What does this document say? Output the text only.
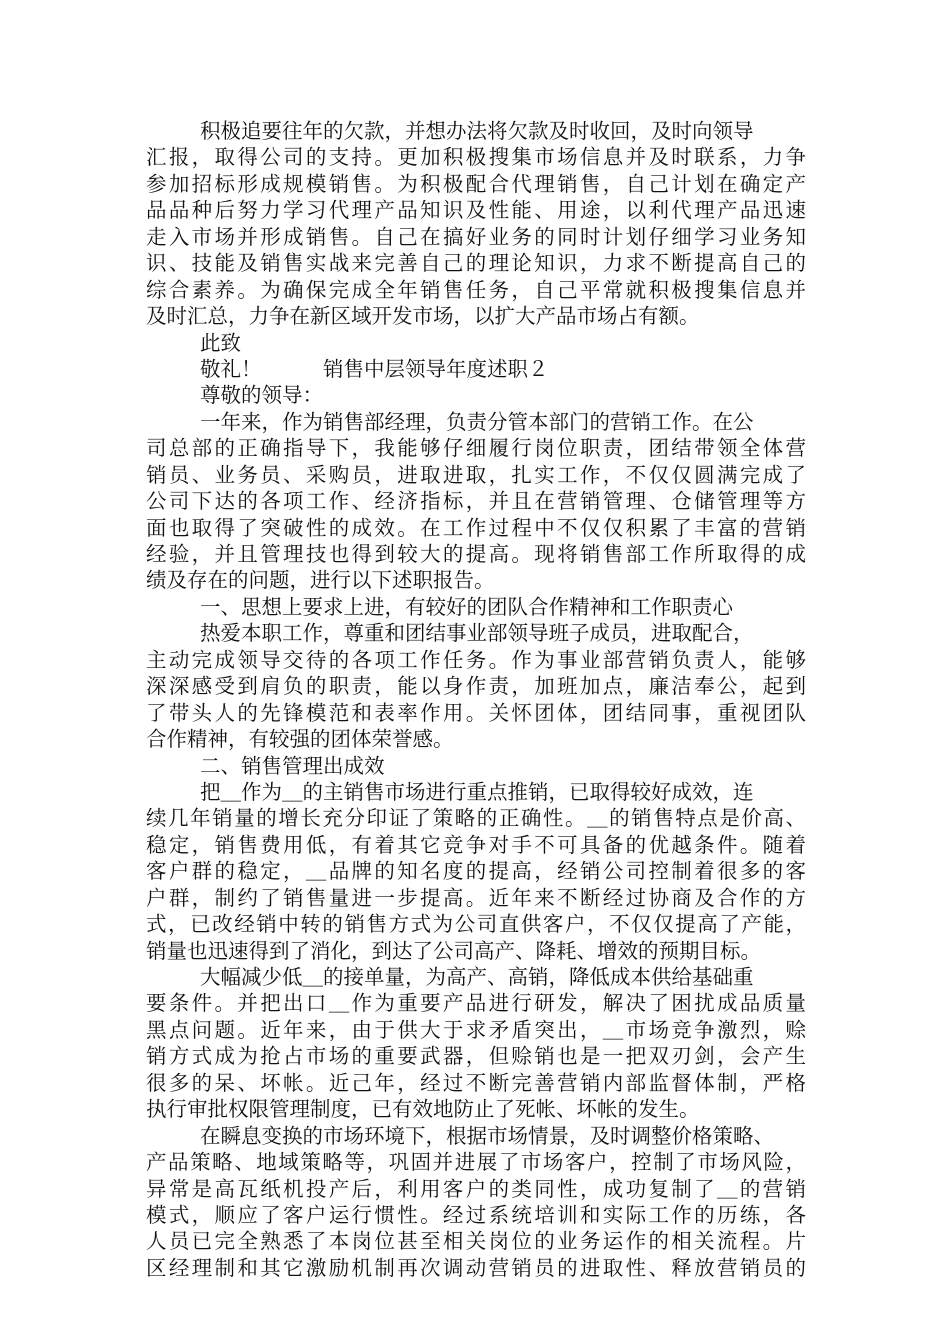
积极追要往年的欠款，并想办法将欠款及时收回，及时向领导
汇报，取得公司的支持。更加积极搜集市场信息并及时联系，力争
参加招标形成规模销售。为积极配合代理销售，自己计划在确定产
品品种后努力学习代理产品知识及性能、用途，以利代理产品迅速
走入市场并形成销售。自己在搞好业务的同时计划仔细学习业务知
识、技能及销售实战来完善自己的理论知识，力求不断提高自己的
综合素养。为确保完成全年销售任务，自己平常就积极搜集信息并
及时汇总，力争在新区域开发市场，以扩大产品市场占有额。
此致
敬礼！　　　销售中层领导年度述职２
尊敬的领导：
一年来，作为销售部经理，负责分管本部门的营销工作。在公
司总部的正确指导下，我能够仔细履行岗位职责，团结带领全体营
销员、业务员、采购员，进取进取，扎实工作，不仅仅圆满完成了
公司下达的各项工作、经济指标，并且在营销管理、仓储管理等方
面也取得了突破性的成效。在工作过程中不仅仅积累了丰富的营销
经验，并且管理技也得到较大的提高。现将销售部工作所取得的成
绩及存在的问题，进行以下述职报告。
一、思想上要求上进，有较好的团队合作精神和工作职责心
热爱本职工作，尊重和团结事业部领导班子成员，进取配合，
主动完成领导交待的各项工作任务。作为事业部营销负责人，能够
深深感受到肩负的职责，能以身作责，加班加点，廉洁奉公，起到
了带头人的先锋模范和表率作用。关怀团体，团结同事，重视团队
合作精神，有较强的团体荣誉感。
二、销售管理出成效
把＿作为＿的主销售市场进行重点推销，已取得较好成效，连
续几年销量的增长充分印证了策略的正确性。＿的销售特点是价高、
稳定，销售费用低，有着其它竞争对手不可具备的优越条件。随着
客户群的稳定，＿品牌的知名度的提高，经销公司控制着很多的客
户群，制约了销售量进一步提高。近年来不断经过协商及合作的方
式，已改经销中转的销售方式为公司直供客户，不仅仅提高了产能，
销量也迅速得到了消化，到达了公司高产、降耗、增效的预期目标。
大幅减少低＿的接单量，为高产、高销，降低成本供给基础重
要条件。并把出口＿作为重要产品进行研发，解决了困扰成品质量
黑点问题。近年来，由于供大于求矛盾突出，＿市场竞争激烈，赊
销方式成为抢占市场的重要武器，但赊销也是一把双刃剑，会产生
很多的呆、坏帐。近己年，经过不断完善营销内部监督体制，严格
执行审批权限管理制度，已有效地防止了死帐、坏帐的发生。
在瞬息变换的市场环境下，根据市场情景，及时调整价格策略、
产品策略、地域策略等，巩固并进展了市场客户，控制了市场风险，
异常是高瓦纸机投产后，利用客户的类同性，成功复制了＿的营销
模式，顺应了客户运行惯性。经过系统培训和实际工作的历练，各
人员已完全熟悉了本岗位甚至相关岗位的业务运作的相关流程。片
区经理制和其它激励机制再次调动营销员的进取性、释放营销员的
